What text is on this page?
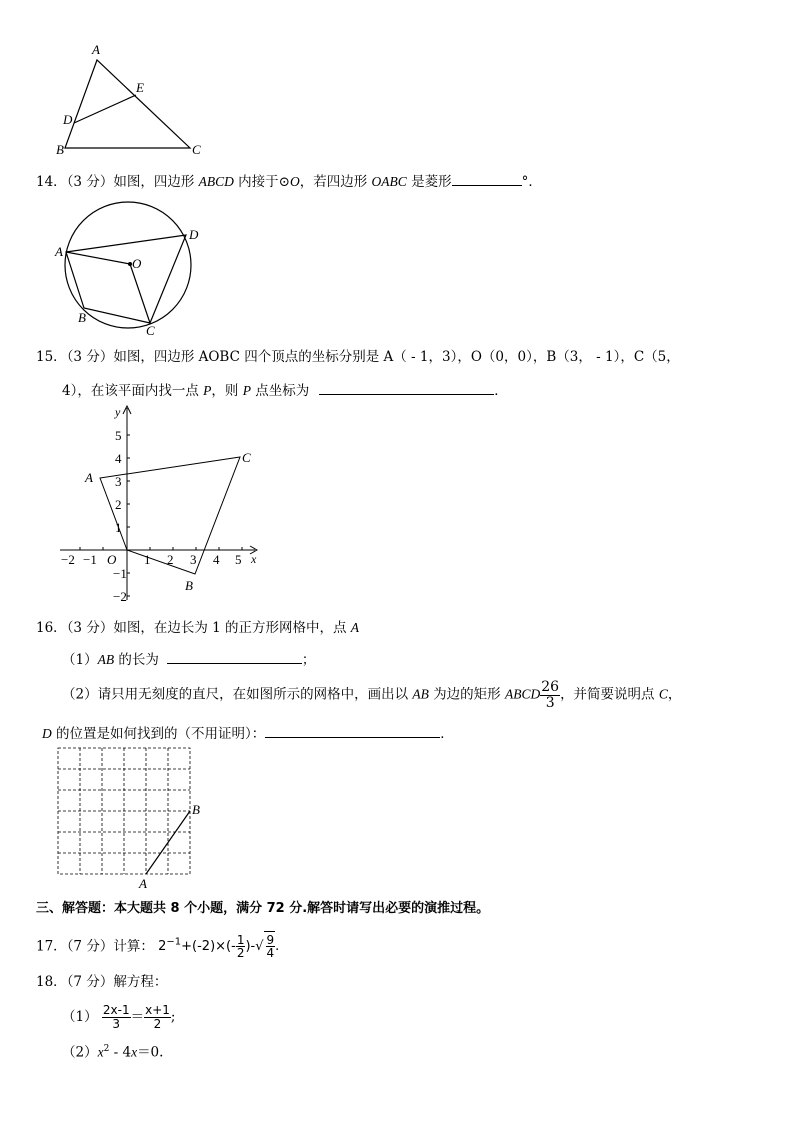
A
E
D
B	C
14．（3 分）如图，四边形 ABCD 内接于⊙O，若四边形 OABC 是菱形	°．
A
D
O
B
C
15．（3 分）如图，四边形 AOBC 四个顶点的坐标分别是 A（ - 1，3），O（0，0），B（3， - 1），C（5，
4），在该平面内找一点 P，则 P 点坐标为	．
y
x
O
−2 −1	1 2 3 4 5
5
4
3
2
1
−1
−2
A
B
C
16．（3 分）如图，在边长为 1 的正方形网格中，点 A
（1）AB 的长为	；
（2）请只用无刻度的直尺，在如图所示的网格中，画出以 AB 为边的矩形 ABCD $\frac{26}{3}$ ，并简要说明点 C，
D 的位置是如何找到的（不用证明）：	．
A
B
三、解答题：本大题共 8 个小题，满分 72 分.解答时请写出必要的演推过程。
17．（7 分）计算： $2^{-1}+(-2)\times(- \frac{1}{2}$ )-√ $\frac{9}{4}$ .
18．（7 分）解方程：
$(1) \frac{2x-1}{3} = \frac{x+1}{2}$ ;
$(2)x^2 - 4x=0$.
